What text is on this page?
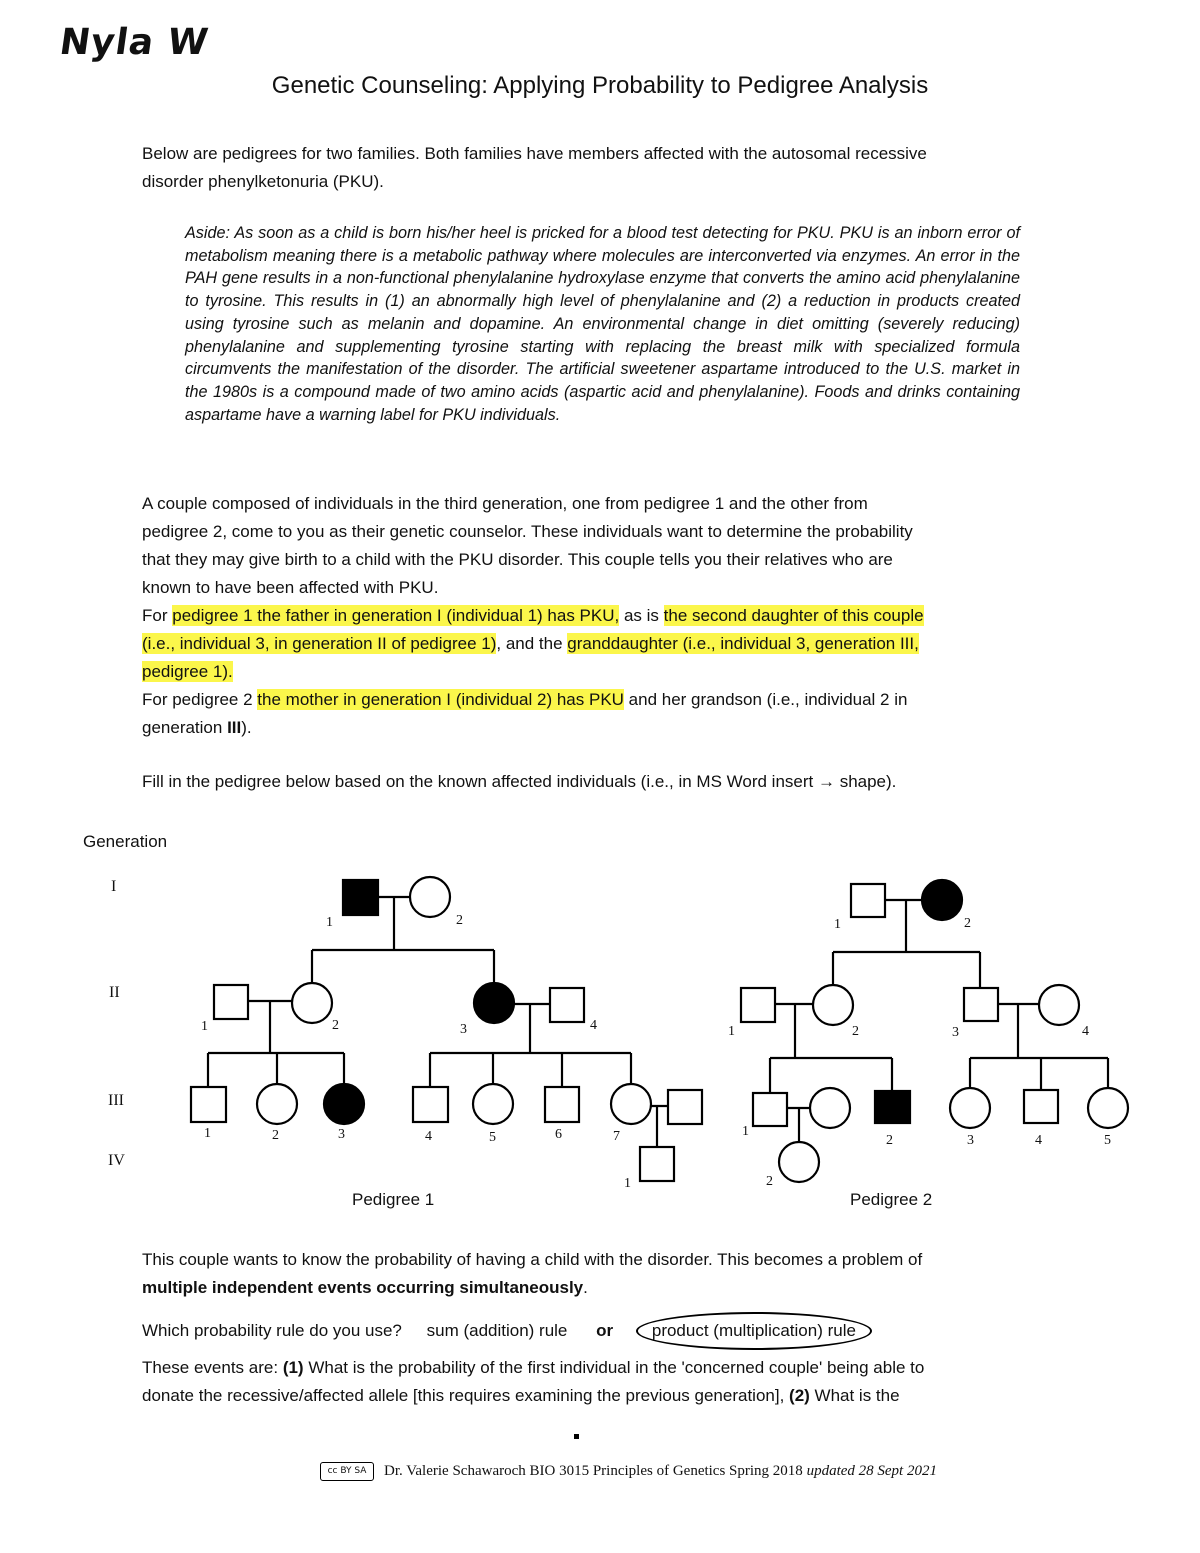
Nyla W
Genetic Counseling: Applying Probability to Pedigree Analysis
Below are pedigrees for two families. Both families have members affected with the autosomal recessive
disorder phenylketonuria (PKU).
Aside: As soon as a child is born his/her heel is pricked for a blood test detecting for PKU. PKU is an inborn error of metabolism meaning there is a metabolic pathway where molecules are interconverted via enzymes. An error in the PAH gene results in a non-functional phenylalanine hydroxylase enzyme that converts the amino acid phenylalanine to tyrosine. This results in (1) an abnormally high level of phenylalanine and (2) a reduction in products created using tyrosine such as melanin and dopamine. An environmental change in diet omitting (severely reducing) phenylalanine and supplementing tyrosine starting with replacing the breast milk with specialized formula circumvents the manifestation of the disorder. The artificial sweetener aspartame introduced to the U.S. market in the 1980s is a compound made of two amino acids (aspartic acid and phenylalanine). Foods and drinks containing aspartame have a warning label for PKU individuals.
A couple composed of individuals in the third generation, one from pedigree 1 and the other from
pedigree 2, come to you as their genetic counselor. These individuals want to determine the probability
that they may give birth to a child with the PKU disorder. This couple tells you their relatives who are
known to have been affected with PKU.
For pedigree 1 the father in generation I (individual 1) has PKU, as is the second daughter of this couple
(i.e., individual 3, in generation II of pedigree 1), and the granddaughter (i.e., individual 3, generation III,
pedigree 1).
For pedigree 2 the mother in generation I (individual 2) has PKU and her grandson (i.e., individual 2 in
generation III).
Fill in the pedigree below based on the known affected individuals (i.e., in MS Word insert → shape).
Generation
I
II
III
IV
1	2
1	2	3	4
1	2	3	4	5	6	7
1
1	2
1	2	3	4
1
2	3	4	5
2
Pedigree 1	Pedigree 2
This couple wants to know the probability of having a child with the disorder. This becomes a problem of
multiple independent events occurring simultaneously.
Which probability rule do you use? sum (addition) rule or product (multiplication) rule
These events are: (1) What is the probability of the first individual in the 'concerned couple' being able to
donate the recessive/affected allele [this requires examining the previous generation], (2) What is the
cc BY SA Dr. Valerie Schawaroch BIO 3015 Principles of Genetics Spring 2018 updated 28 Sept 2021
